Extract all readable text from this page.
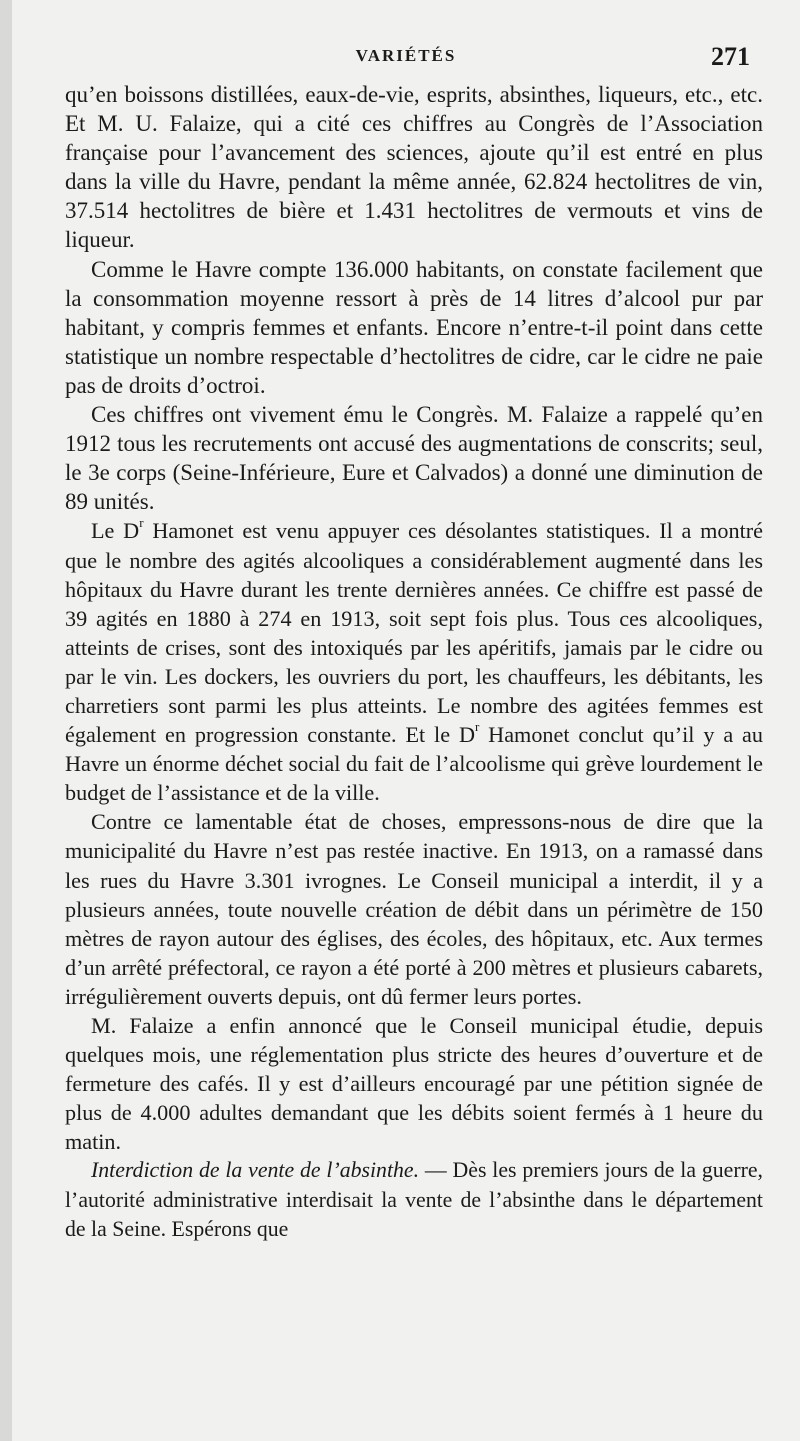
VARIÉTÉS	271

qu’en boissons distillées, eaux-de-vie, esprits, absinthes, liqueurs, etc., etc. Et M. U. Falaize, qui a cité ces chiffres au Congrès de l’Association française pour l’avancement des sciences, ajoute qu’il est entré en plus dans la ville du Havre, pendant la même année, 62.824 hectolitres de vin, 37.514 hectolitres de bière et 1.431 hectolitres de vermouts et vins de liqueur.

Comme le Havre compte 136.000 habitants, on constate facilement que la consommation moyenne ressort à près de 14 litres d’alcool pur par habitant, y compris femmes et enfants. Encore n’entre-t-il point dans cette statistique un nombre respectable d’hectolitres de cidre, car le cidre ne paie pas de droits d’octroi.

Ces chiffres ont vivement ému le Congrès. M. Falaize a rappelé qu’en 1912 tous les recrutements ont accusé des augmentations de conscrits; seul, le 3e corps (Seine-Inférieure, Eure et Calvados) a donné une diminution de 89 unités.

Le $D^r$ Hamonet est venu appuyer ces désolantes statistiques. Il a montré que le nombre des agités alcooliques a considérablement augmenté dans les hôpitaux du Havre durant les trente dernières années. Ce chiffre est passé de 39 agités en 1880 à 274 en 1913, soit sept fois plus. Tous ces alcooliques, atteints de crises, sont des intoxiqués par les apéritifs, jamais par le cidre ou par le vin. Les dockers, les ouvriers du port, les chauffeurs, les débitants, les charretiers sont parmi les plus atteints. Le nombre des agitées femmes est également en progression constante. Et le $D^r$ Hamonet conclut qu’il y a au Havre un énorme déchet social du fait de l’alcoolisme qui grève lourdement le budget de l’assistance et de la ville.

Contre ce lamentable état de choses, empressons-nous de dire que la municipalité du Havre n’est pas restée inactive. En 1913, on a ramassé dans les rues du Havre 3.301 ivrognes. Le Conseil municipal a interdit, il y a plusieurs années, toute nouvelle création de débit dans un périmètre de 150 mètres de rayon autour des églises, des écoles, des hôpitaux, etc. Aux termes d’un arrêté préfectoral, ce rayon a été porté à 200 mètres et plusieurs cabarets, irrégulièrement ouverts depuis, ont dû fermer leurs portes.

M. Falaize a enfin annoncé que le Conseil municipal étudie, depuis quelques mois, une réglementation plus stricte des heures d’ouverture et de fermeture des cafés. Il y est d’ailleurs encouragé par une pétition signée de plus de 4.000 adultes demandant que les débits soient fermés à 1 heure du matin.

Interdiction de la vente de l’absinthe. — Dès les premiers jours de la guerre, l’autorité administrative interdisait la vente de l’absinthe dans le département de la Seine. Espérons que
